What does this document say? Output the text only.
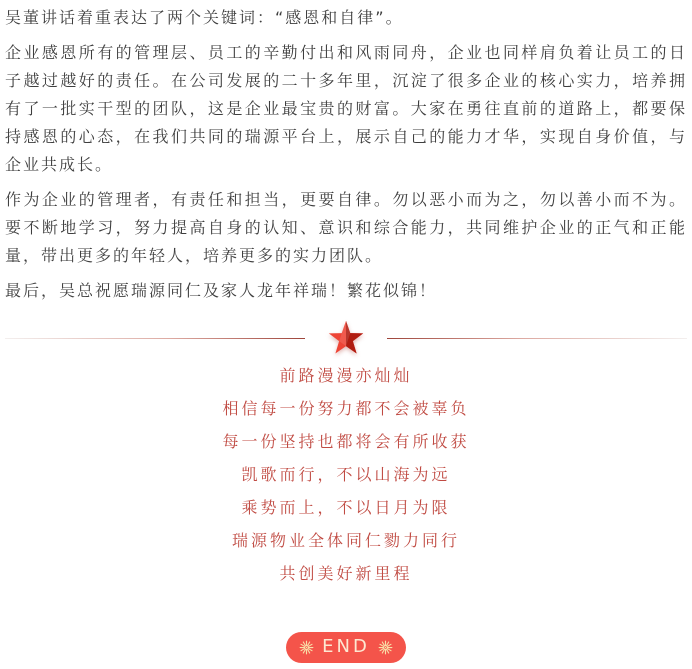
吴董讲话着重表达了两个关键词：“感恩和自律”。

企业感恩所有的管理层、员工的辛勤付出和风雨同舟，企业也同样肩负着让员工的日子越过越好的责任。在公司发展的二十多年里，沉淀了很多企业的核心实力，培养拥有了一批实干型的团队，这是企业最宝贵的财富。大家在勇往直前的道路上，都要保持感恩的心态，在我们共同的瑞源平台上，展示自己的能力才华，实现自身价值，与企业共成长。

作为企业的管理者，有责任和担当，更要自律。勿以恶小而为之，勿以善小而不为。要不断地学习，努力提高自身的认知、意识和综合能力，共同维护企业的正气和正能量，带出更多的年轻人，培养更多的实力团队。

最后，吴总祝愿瑞源同仁及家人龙年祥瑞！繁花似锦！

前路漫漫亦灿灿
相信每一份努力都不会被辜负
每一份坚持也都将会有所收获
凯歌而行，不以山海为远
乘势而上，不以日月为限
瑞源物业全体同仁勠力同行
共创美好新里程
END
